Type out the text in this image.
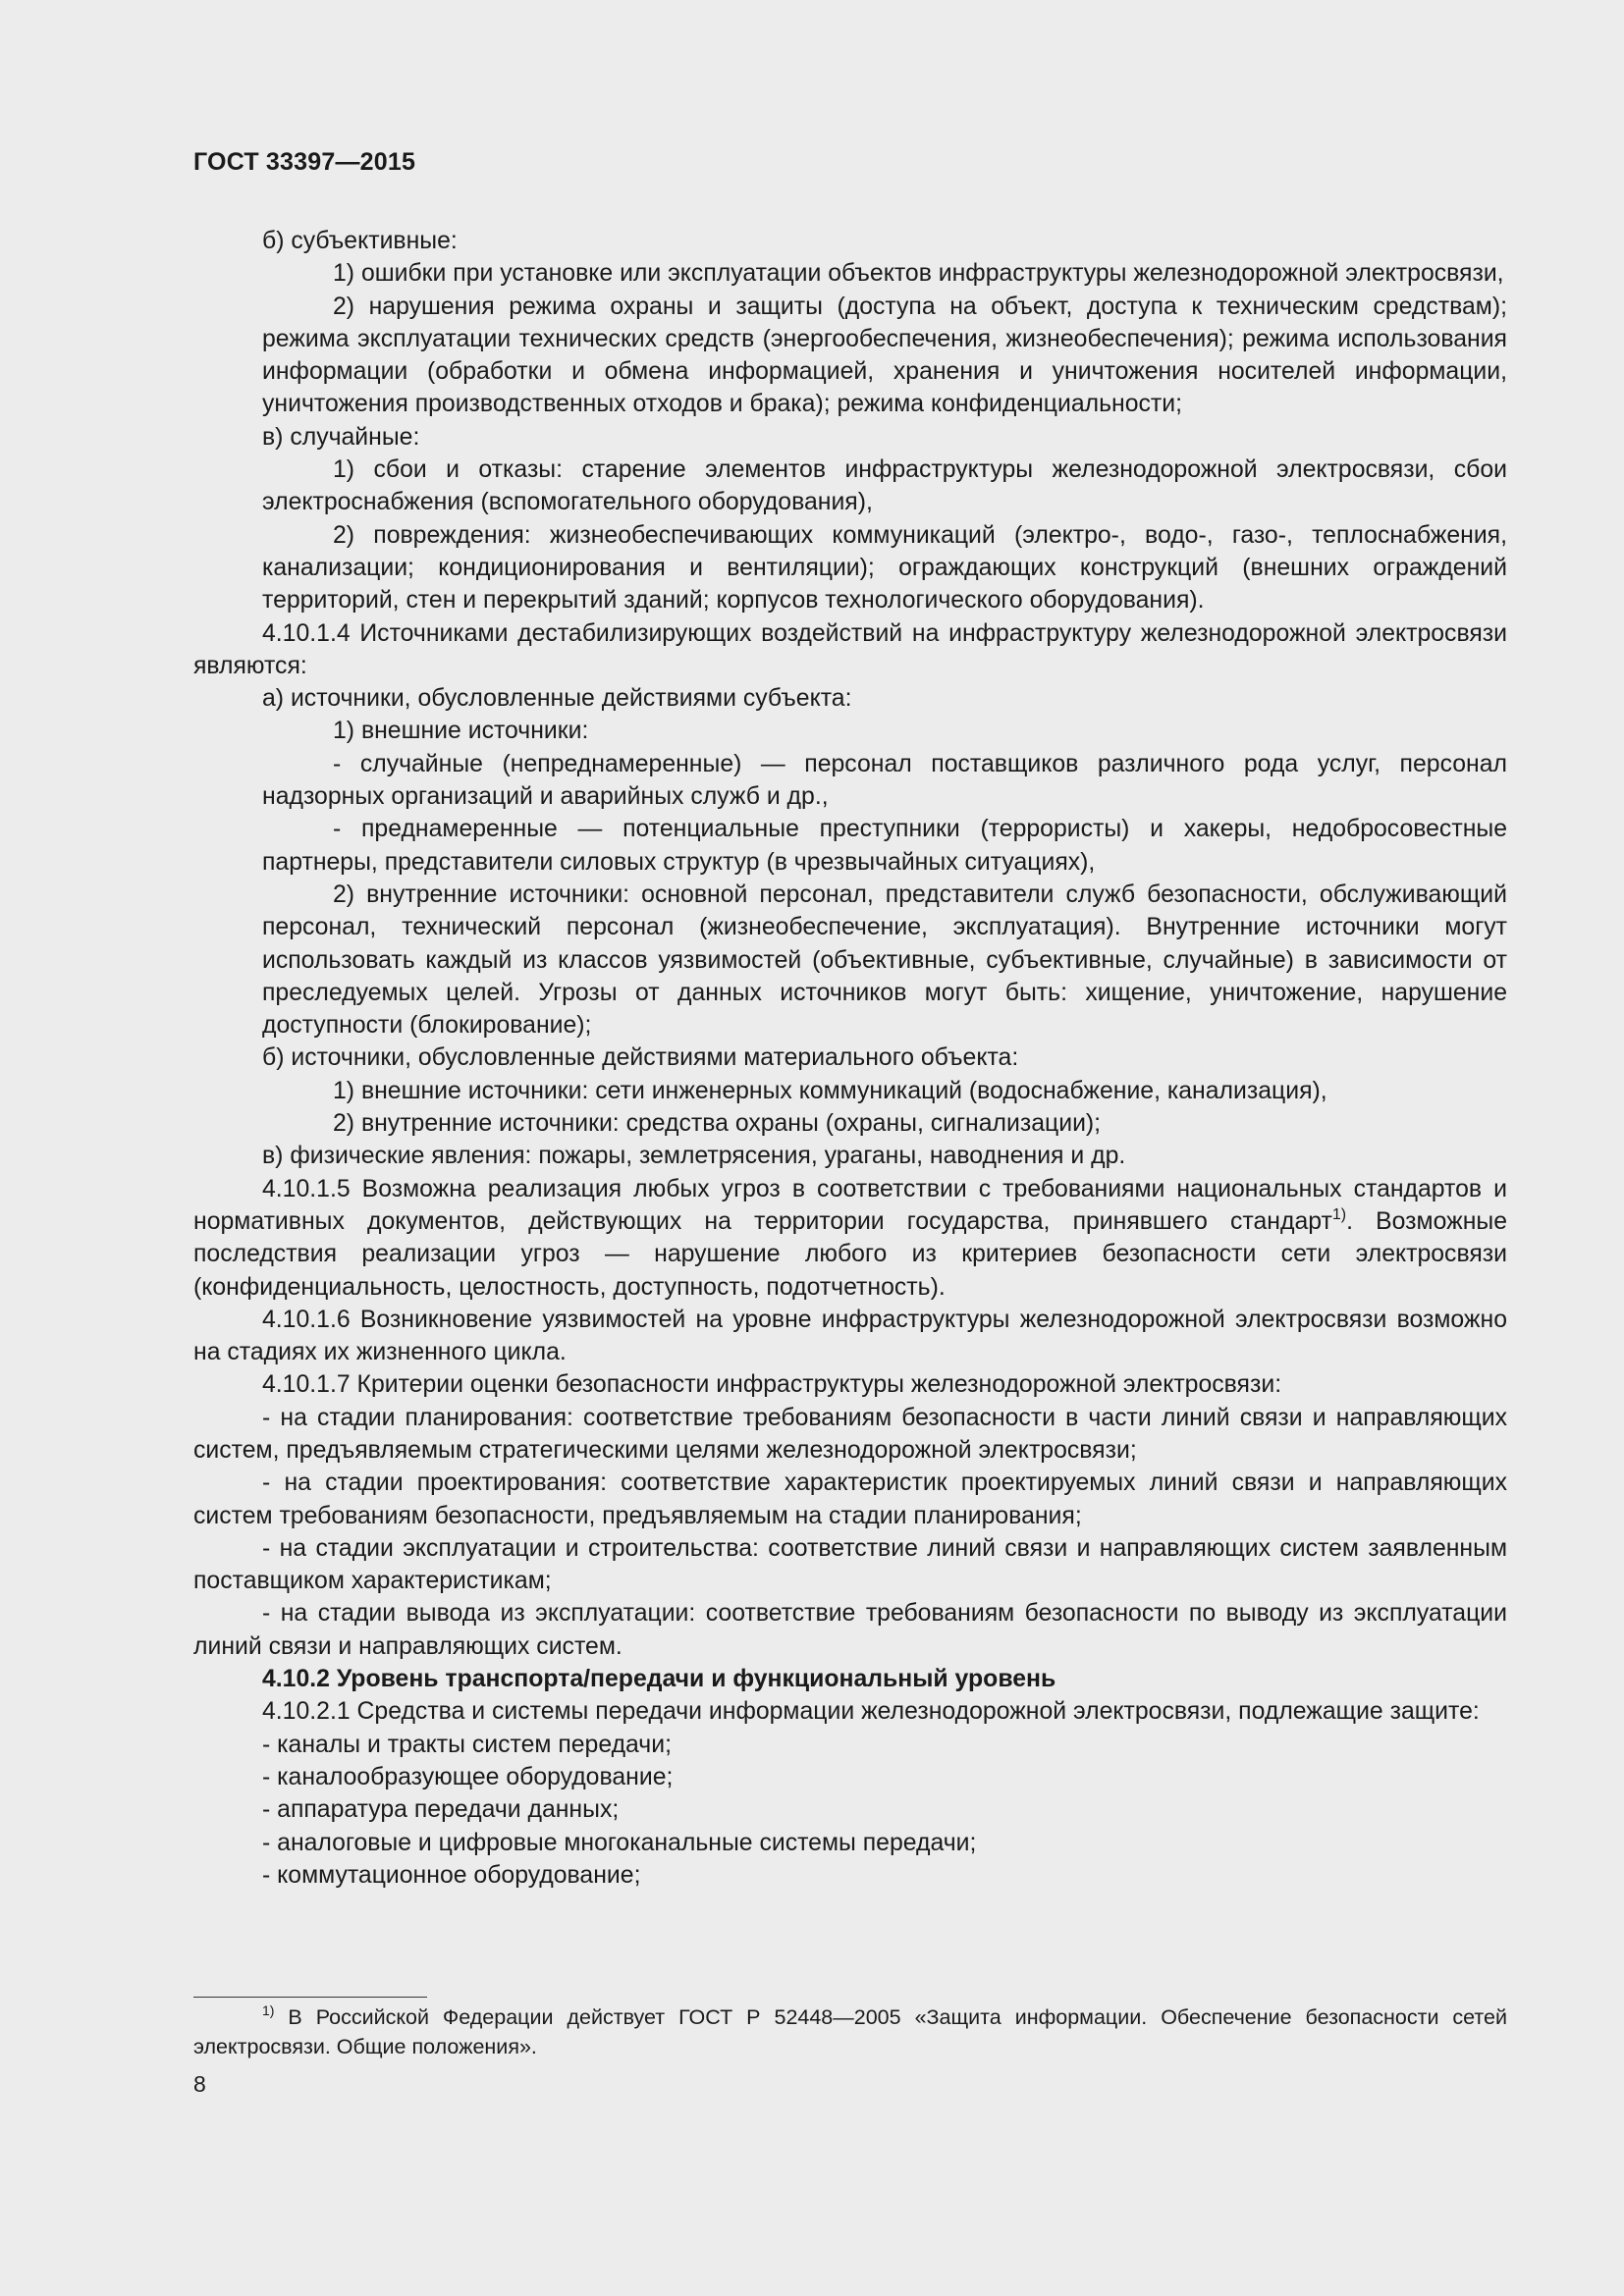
ГОСТ 33397—2015

б) субъективные:

1) ошибки при установке или эксплуатации объектов инфраструктуры железнодорожной электросвязи,

2) нарушения режима охраны и защиты (доступа на объект, доступа к техническим средствам); режима эксплуатации технических средств (энергообеспечения, жизнеобеспечения); режима использования информации (обработки и обмена информацией, хранения и уничтожения носителей информации, уничтожения производственных отходов и брака); режима конфиденциальности;

в) случайные:

1) сбои и отказы: старение элементов инфраструктуры железнодорожной электросвязи, сбои электроснабжения (вспомогательного оборудования),

2) повреждения: жизнеобеспечивающих коммуникаций (электро-, водо-, газо-, теплоснабжения, канализации; кондиционирования и вентиляции); ограждающих конструкций (внешних ограждений территорий, стен и перекрытий зданий; корпусов технологического оборудования).

4.10.1.4 Источниками дестабилизирующих воздействий на инфраструктуру железнодорожной электросвязи являются:

а) источники, обусловленные действиями субъекта:

1) внешние источники:

- случайные (непреднамеренные) — персонал поставщиков различного рода услуг, персонал надзорных организаций и аварийных служб и др.,

- преднамеренные — потенциальные преступники (террористы) и хакеры, недобросовестные партнеры, представители силовых структур (в чрезвычайных ситуациях),

2) внутренние источники: основной персонал, представители служб безопасности, обслуживающий персонал, технический персонал (жизнеобеспечение, эксплуатация). Внутренние источники могут использовать каждый из классов уязвимостей (объективные, субъективные, случайные) в зависимости от преследуемых целей. Угрозы от данных источников могут быть: хищение, уничтожение, нарушение доступности (блокирование);

б) источники, обусловленные действиями материального объекта:

1) внешние источники: сети инженерных коммуникаций (водоснабжение, канализация),

2) внутренние источники: средства охраны (охраны, сигнализации);

в) физические явления: пожары, землетрясения, ураганы, наводнения и др.

4.10.1.5 Возможна реализация любых угроз в соответствии с требованиями национальных стандартов и нормативных документов, действующих на территории государства, принявшего стандарт$^{1)}$. Возможные последствия реализации угроз — нарушение любого из критериев безопасности сети электросвязи (конфиденциальность, целостность, доступность, подотчетность).

4.10.1.6 Возникновение уязвимостей на уровне инфраструктуры железнодорожной электросвязи возможно на стадиях их жизненного цикла.

4.10.1.7 Критерии оценки безопасности инфраструктуры железнодорожной электросвязи:

- на стадии планирования: соответствие требованиям безопасности в части линий связи и направляющих систем, предъявляемым стратегическими целями железнодорожной электросвязи;

- на стадии проектирования: соответствие характеристик проектируемых линий связи и направляющих систем требованиям безопасности, предъявляемым на стадии планирования;

- на стадии эксплуатации и строительства: соответствие линий связи и направляющих систем заявленным поставщиком характеристикам;

- на стадии вывода из эксплуатации: соответствие требованиям безопасности по выводу из эксплуатации линий связи и направляющих систем.

4.10.2 Уровень транспорта/передачи и функциональный уровень

4.10.2.1 Средства и системы передачи информации железнодорожной электросвязи, подлежащие защите:

- каналы и тракты систем передачи;

- каналообразующее оборудование;

- аппаратура передачи данных;

- аналоговые и цифровые многоканальные системы передачи;

- коммутационное оборудование;

$^{1)}$ В Российской Федерации действует ГОСТ Р 52448—2005 «Защита информации. Обеспечение безопасности сетей электросвязи. Общие положения».

8
